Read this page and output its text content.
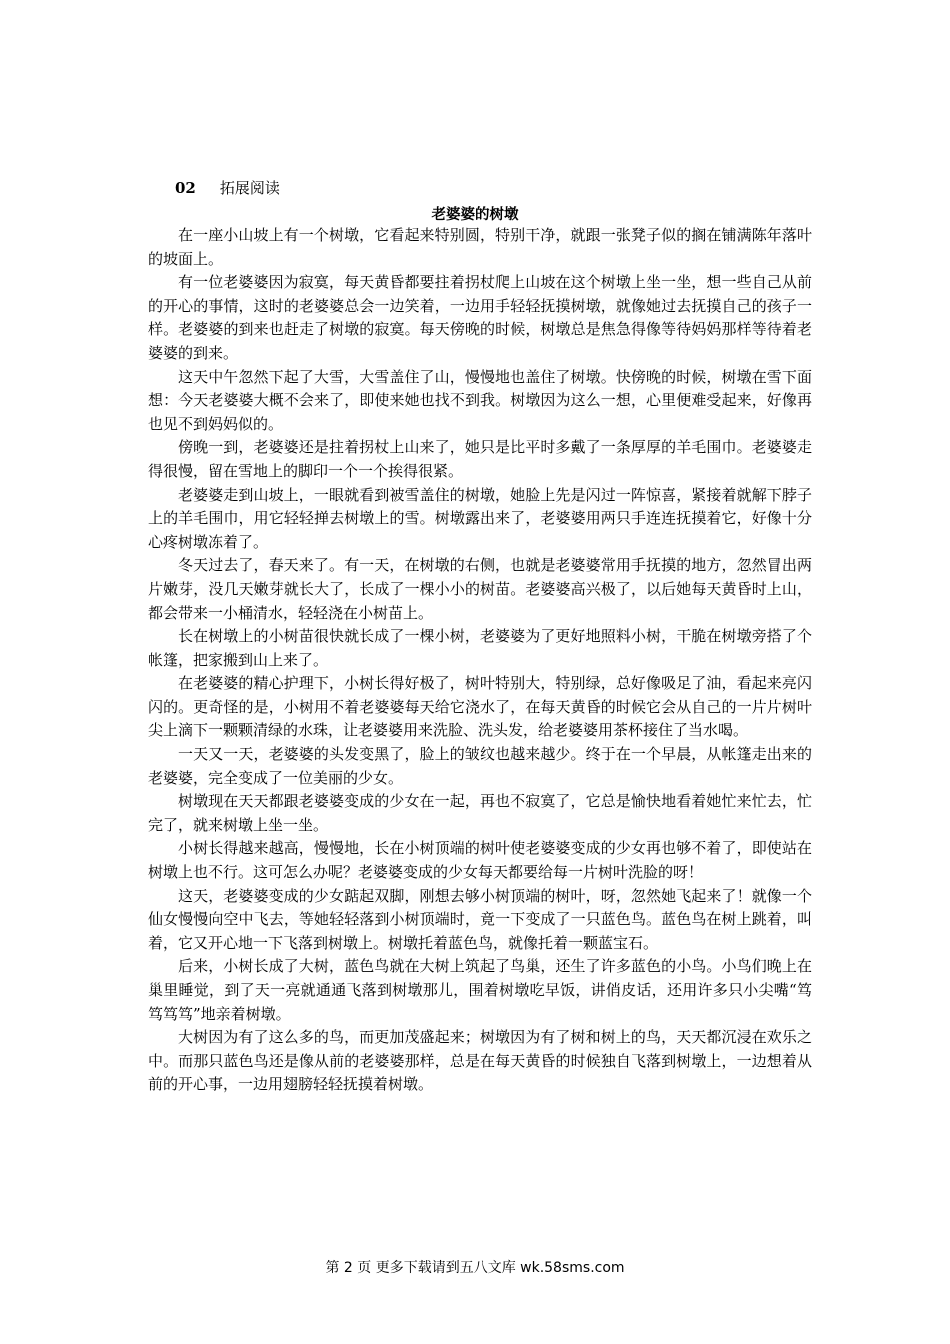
02 拓展阅读
老婆婆的树墩

在一座小山坡上有一个树墩，它看起来特别圆，特别干净，就跟一张凳子似的搁在铺满陈年落叶的坡面上。

有一位老婆婆因为寂寞，每天黄昏都要拄着拐杖爬上山坡在这个树墩上坐一坐，想一些自己从前的开心的事情，这时的老婆婆总会一边笑着，一边用手轻轻抚摸树墩，就像她过去抚摸自己的孩子一样。老婆婆的到来也赶走了树墩的寂寞。每天傍晚的时候，树墩总是焦急得像等待妈妈那样等待着老婆婆的到来。

这天中午忽然下起了大雪，大雪盖住了山，慢慢地也盖住了树墩。快傍晚的时候，树墩在雪下面想：今天老婆婆大概不会来了，即使来她也找不到我。树墩因为这么一想，心里便难受起来，好像再也见不到妈妈似的。

傍晚一到，老婆婆还是拄着拐杖上山来了，她只是比平时多戴了一条厚厚的羊毛围巾。老婆婆走得很慢，留在雪地上的脚印一个一个挨得很紧。

老婆婆走到山坡上，一眼就看到被雪盖住的树墩，她脸上先是闪过一阵惊喜，紧接着就解下脖子上的羊毛围巾，用它轻轻掸去树墩上的雪。树墩露出来了，老婆婆用两只手连连抚摸着它，好像十分心疼树墩冻着了。

冬天过去了，春天来了。有一天，在树墩的右侧，也就是老婆婆常用手抚摸的地方，忽然冒出两片嫩芽，没几天嫩芽就长大了，长成了一棵小小的树苗。老婆婆高兴极了，以后她每天黄昏时上山，都会带来一小桶清水，轻轻浇在小树苗上。

长在树墩上的小树苗很快就长成了一棵小树，老婆婆为了更好地照料小树，干脆在树墩旁搭了个帐篷，把家搬到山上来了。

在老婆婆的精心护理下，小树长得好极了，树叶特别大，特别绿，总好像吸足了油，看起来亮闪闪的。更奇怪的是，小树用不着老婆婆每天给它浇水了，在每天黄昏的时候它会从自己的一片片树叶尖上滴下一颗颗清绿的水珠，让老婆婆用来洗脸、洗头发，给老婆婆用茶杯接住了当水喝。

一天又一天，老婆婆的头发变黑了，脸上的皱纹也越来越少。终于在一个早晨，从帐篷走出来的老婆婆，完全变成了一位美丽的少女。

树墩现在天天都跟老婆婆变成的少女在一起，再也不寂寞了，它总是愉快地看着她忙来忙去，忙完了，就来树墩上坐一坐。

小树长得越来越高，慢慢地，长在小树顶端的树叶使老婆婆变成的少女再也够不着了，即使站在树墩上也不行。这可怎么办呢？老婆婆变成的少女每天都要给每一片树叶洗脸的呀！

这天，老婆婆变成的少女踮起双脚，刚想去够小树顶端的树叶，呀，忽然她飞起来了！就像一个仙女慢慢向空中飞去，等她轻轻落到小树顶端时，竟一下变成了一只蓝色鸟。蓝色鸟在树上跳着，叫着，它又开心地一下飞落到树墩上。树墩托着蓝色鸟，就像托着一颗蓝宝石。

后来，小树长成了大树，蓝色鸟就在大树上筑起了鸟巢，还生了许多蓝色的小鸟。小鸟们晚上在巢里睡觉，到了天一亮就通通飞落到树墩那儿，围着树墩吃早饭，讲俏皮话，还用许多只小尖嘴“笃笃笃笃”地亲着树墩。

大树因为有了这么多的鸟，而更加茂盛起来；树墩因为有了树和树上的鸟，天天都沉浸在欢乐之中。而那只蓝色鸟还是像从前的老婆婆那样，总是在每天黄昏的时候独自飞落到树墩上，一边想着从前的开心事，一边用翅膀轻轻抚摸着树墩。

第 2 页 更多下载请到五八文库 wk.58sms.com
